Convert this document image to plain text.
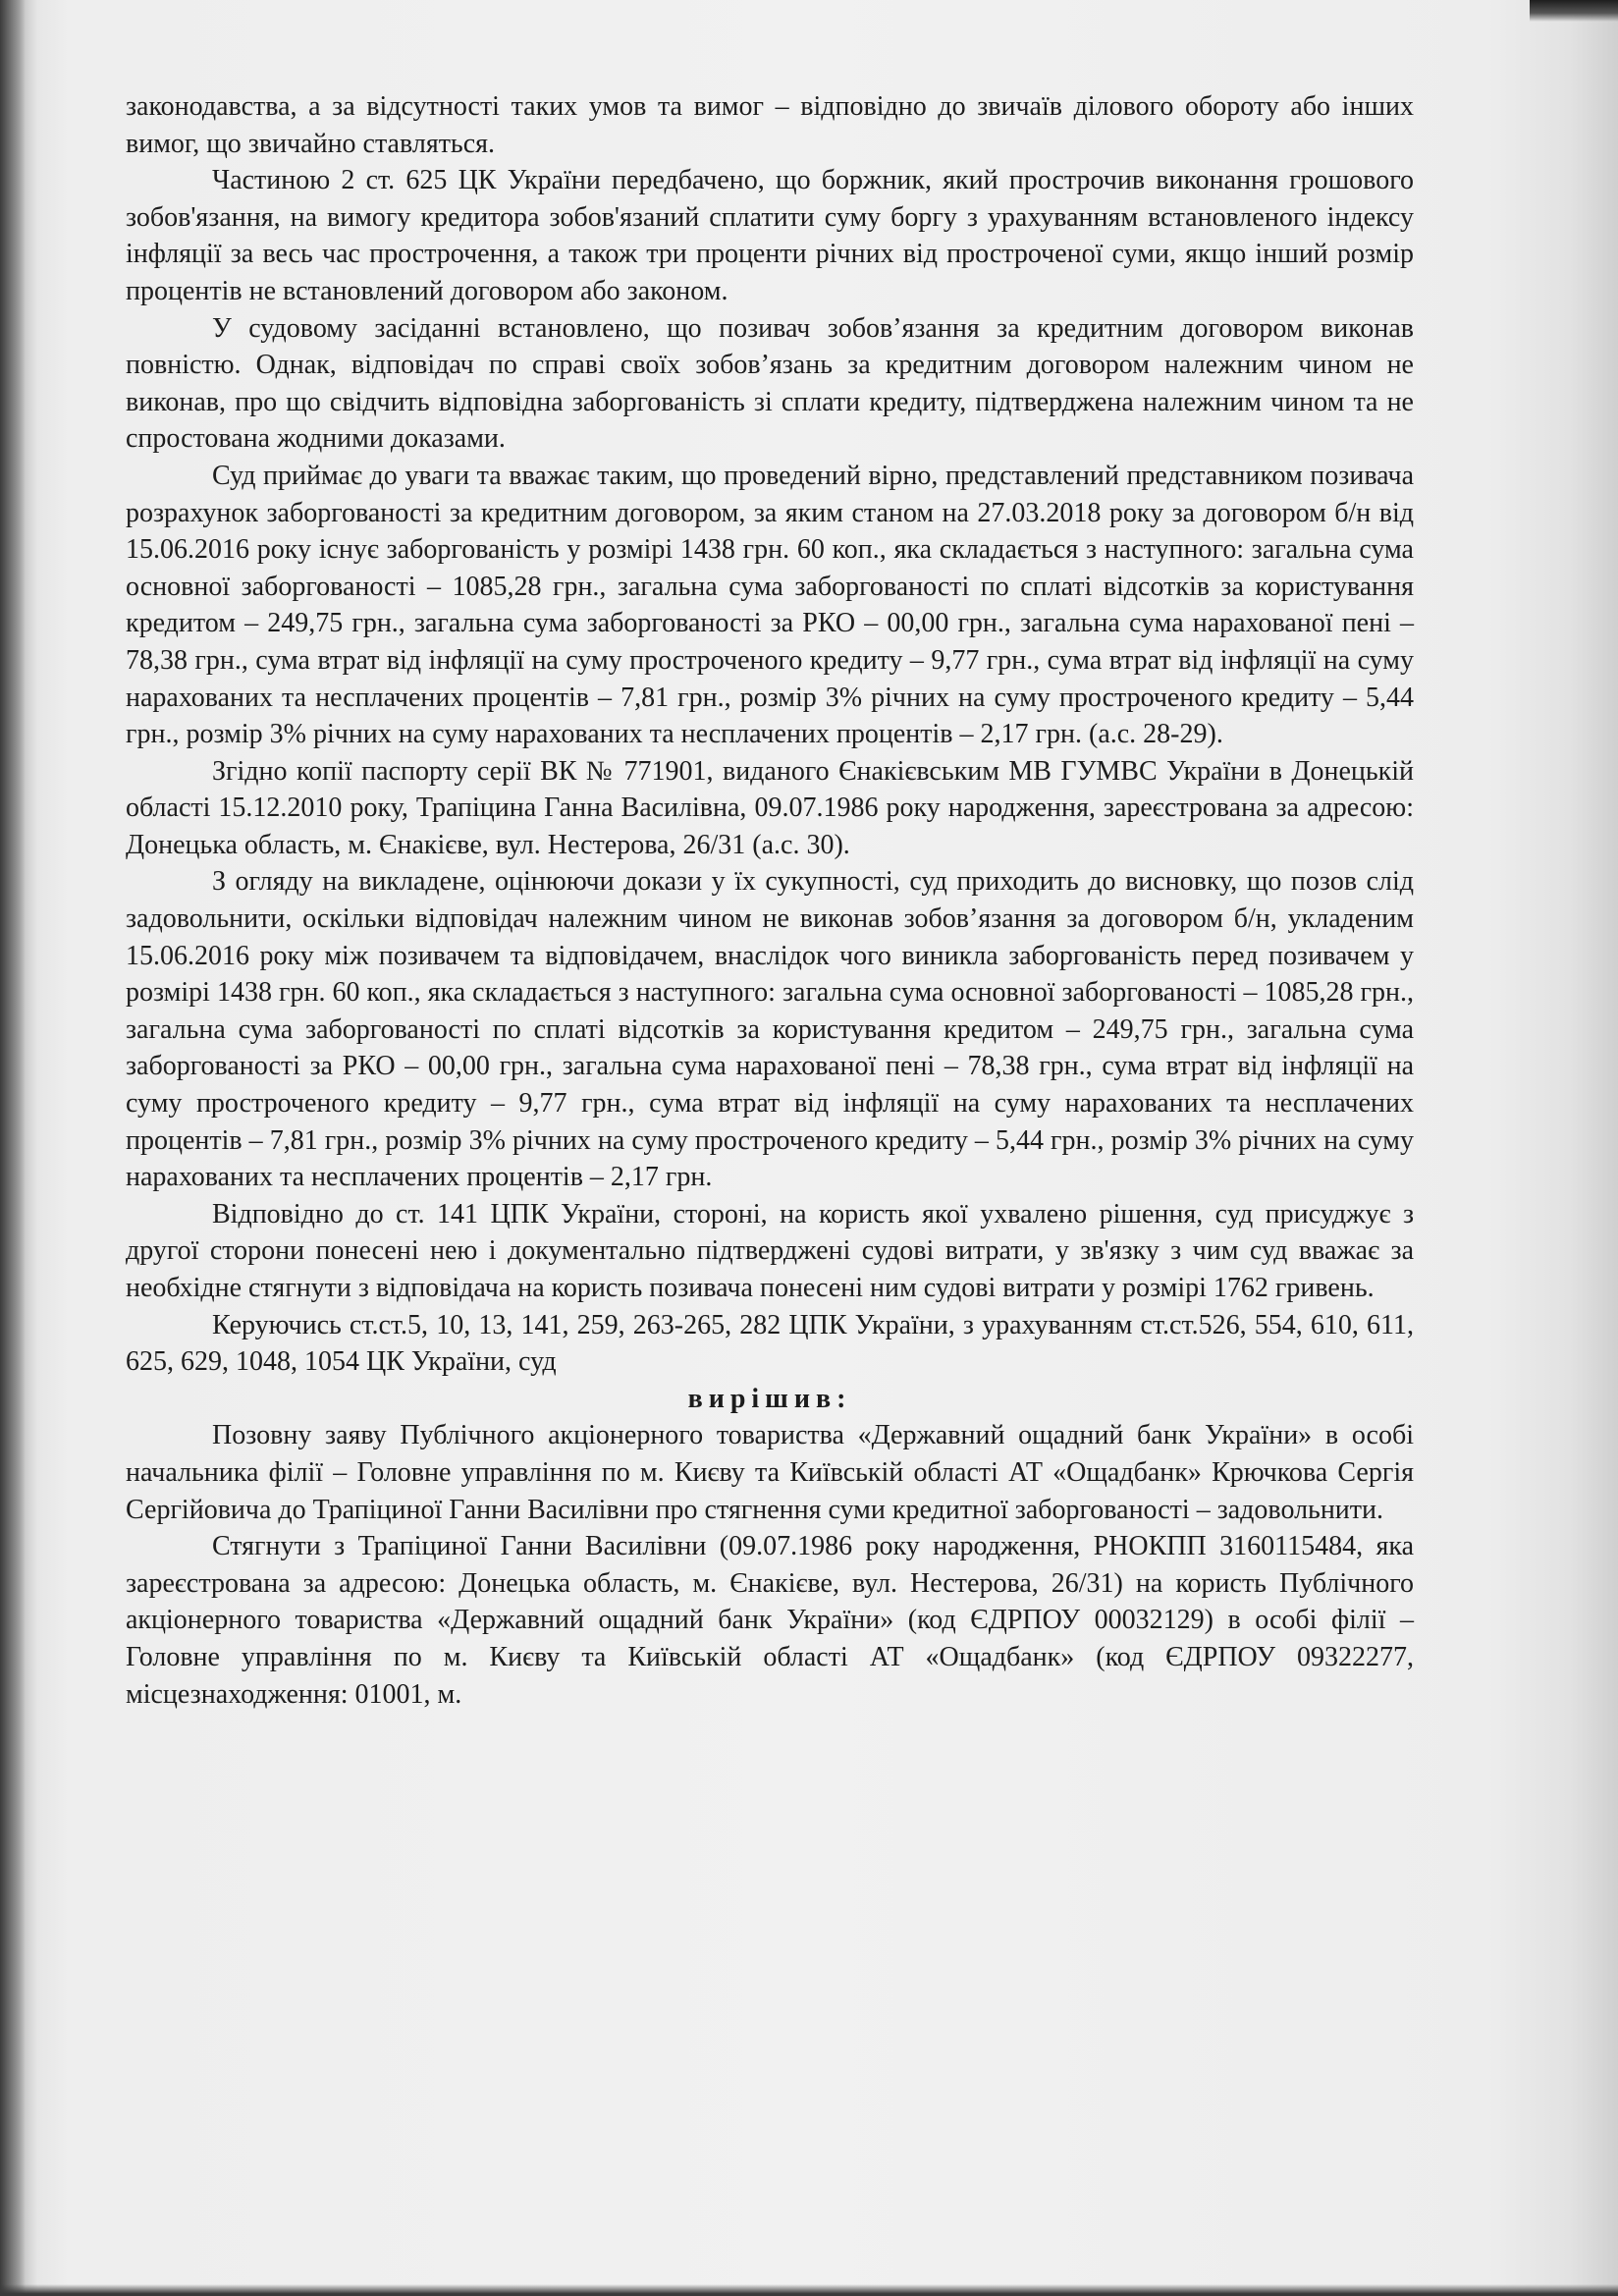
законодавства, а за відсутності таких умов та вимог – відповідно до звичаїв ділового обороту або інших вимог, що звичайно ставляться.

Частиною 2 ст. 625 ЦК України передбачено, що боржник, який прострочив виконання грошового зобов'язання, на вимогу кредитора зобов'язаний сплатити суму боргу з урахуванням встановленого індексу інфляції за весь час прострочення, а також три проценти річних від простроченої суми, якщо інший розмір процентів не встановлений договором або законом.

У судовому засіданні встановлено, що позивач зобов’язання за кредитним договором виконав повністю. Однак, відповідач по справі своїх зобов’язань за кредитним договором належним чином не виконав, про що свідчить відповідна заборгованість зі сплати кредиту, підтверджена належним чином та не спростована жодними доказами.

Суд приймає до уваги та вважає таким, що проведений вірно, представлений представником позивача розрахунок заборгованості за кредитним договором, за яким станом на 27.03.2018 року за договором б/н від 15.06.2016 року існує заборгованість у розмірі 1438 грн. 60 коп., яка складається з наступного: загальна сума основної заборгованості – 1085,28 грн., загальна сума заборгованості по сплаті відсотків за користування кредитом – 249,75 грн., загальна сума заборгованості за РКО – 00,00 грн., загальна сума нарахованої пені – 78,38 грн., сума втрат від інфляції на суму простроченого кредиту – 9,77 грн., сума втрат від інфляції на суму нарахованих та несплачених процентів – 7,81 грн., розмір 3% річних на суму простроченого кредиту – 5,44 грн., розмір 3% річних на суму нарахованих та несплачених процентів – 2,17 грн. (а.с. 28-29).

Згідно копії паспорту серії ВК № 771901, виданого Єнакієвським МВ ГУМВС України в Донецькій області 15.12.2010 року, Трапіцина Ганна Василівна, 09.07.1986 року народження, зареєстрована за адресою: Донецька область, м. Єнакієве, вул. Нестерова, 26/31 (а.с. 30).

З огляду на викладене, оцінюючи докази у їх сукупності, суд приходить до висновку, що позов слід задовольнити, оскільки відповідач належним чином не виконав зобов’язання за договором б/н, укладеним 15.06.2016 року між позивачем та відповідачем, внаслідок чого виникла заборгованість перед позивачем у розмірі 1438 грн. 60 коп., яка складається з наступного: загальна сума основної заборгованості – 1085,28 грн., загальна сума заборгованості по сплаті відсотків за користування кредитом – 249,75 грн., загальна сума заборгованості за РКО – 00,00 грн., загальна сума нарахованої пені – 78,38 грн., сума втрат від інфляції на суму простроченого кредиту – 9,77 грн., сума втрат від інфляції на суму нарахованих та несплачених процентів – 7,81 грн., розмір 3% річних на суму простроченого кредиту – 5,44 грн., розмір 3% річних на суму нарахованих та несплачених процентів – 2,17 грн.

Відповідно до ст. 141 ЦПК України, стороні, на користь якої ухвалено рішення, суд присуджує з другої сторони понесені нею і документально підтверджені судові витрати, у зв'язку з чим суд вважає за необхідне стягнути з відповідача на користь позивача понесені ним судові витрати у розмірі 1762 гривень.

Керуючись ст.ст.5, 10, 13, 141, 259, 263-265, 282 ЦПК України, з урахуванням ст.ст.526, 554, 610, 611, 625, 629, 1048, 1054 ЦК України, суд

вирішив:

Позовну заяву Публічного акціонерного товариства «Державний ощадний банк України» в особі начальника філії – Головне управління по м. Києву та Київській області АТ «Ощадбанк» Крючкова Сергія Сергійовича до Трапіциної Ганни Василівни про стягнення суми кредитної заборгованості – задовольнити.

Стягнути з Трапіциної Ганни Василівни (09.07.1986 року народження, РНОКПП 3160115484, яка зареєстрована за адресою: Донецька область, м. Єнакієве, вул. Нестерова, 26/31) на користь Публічного акціонерного товариства «Державний ощадний банк України» (код ЄДРПОУ 00032129) в особі філії – Головне управління по м. Києву та Київській області АТ «Ощадбанк» (код ЄДРПОУ 09322277, місцезнаходження: 01001, м.
